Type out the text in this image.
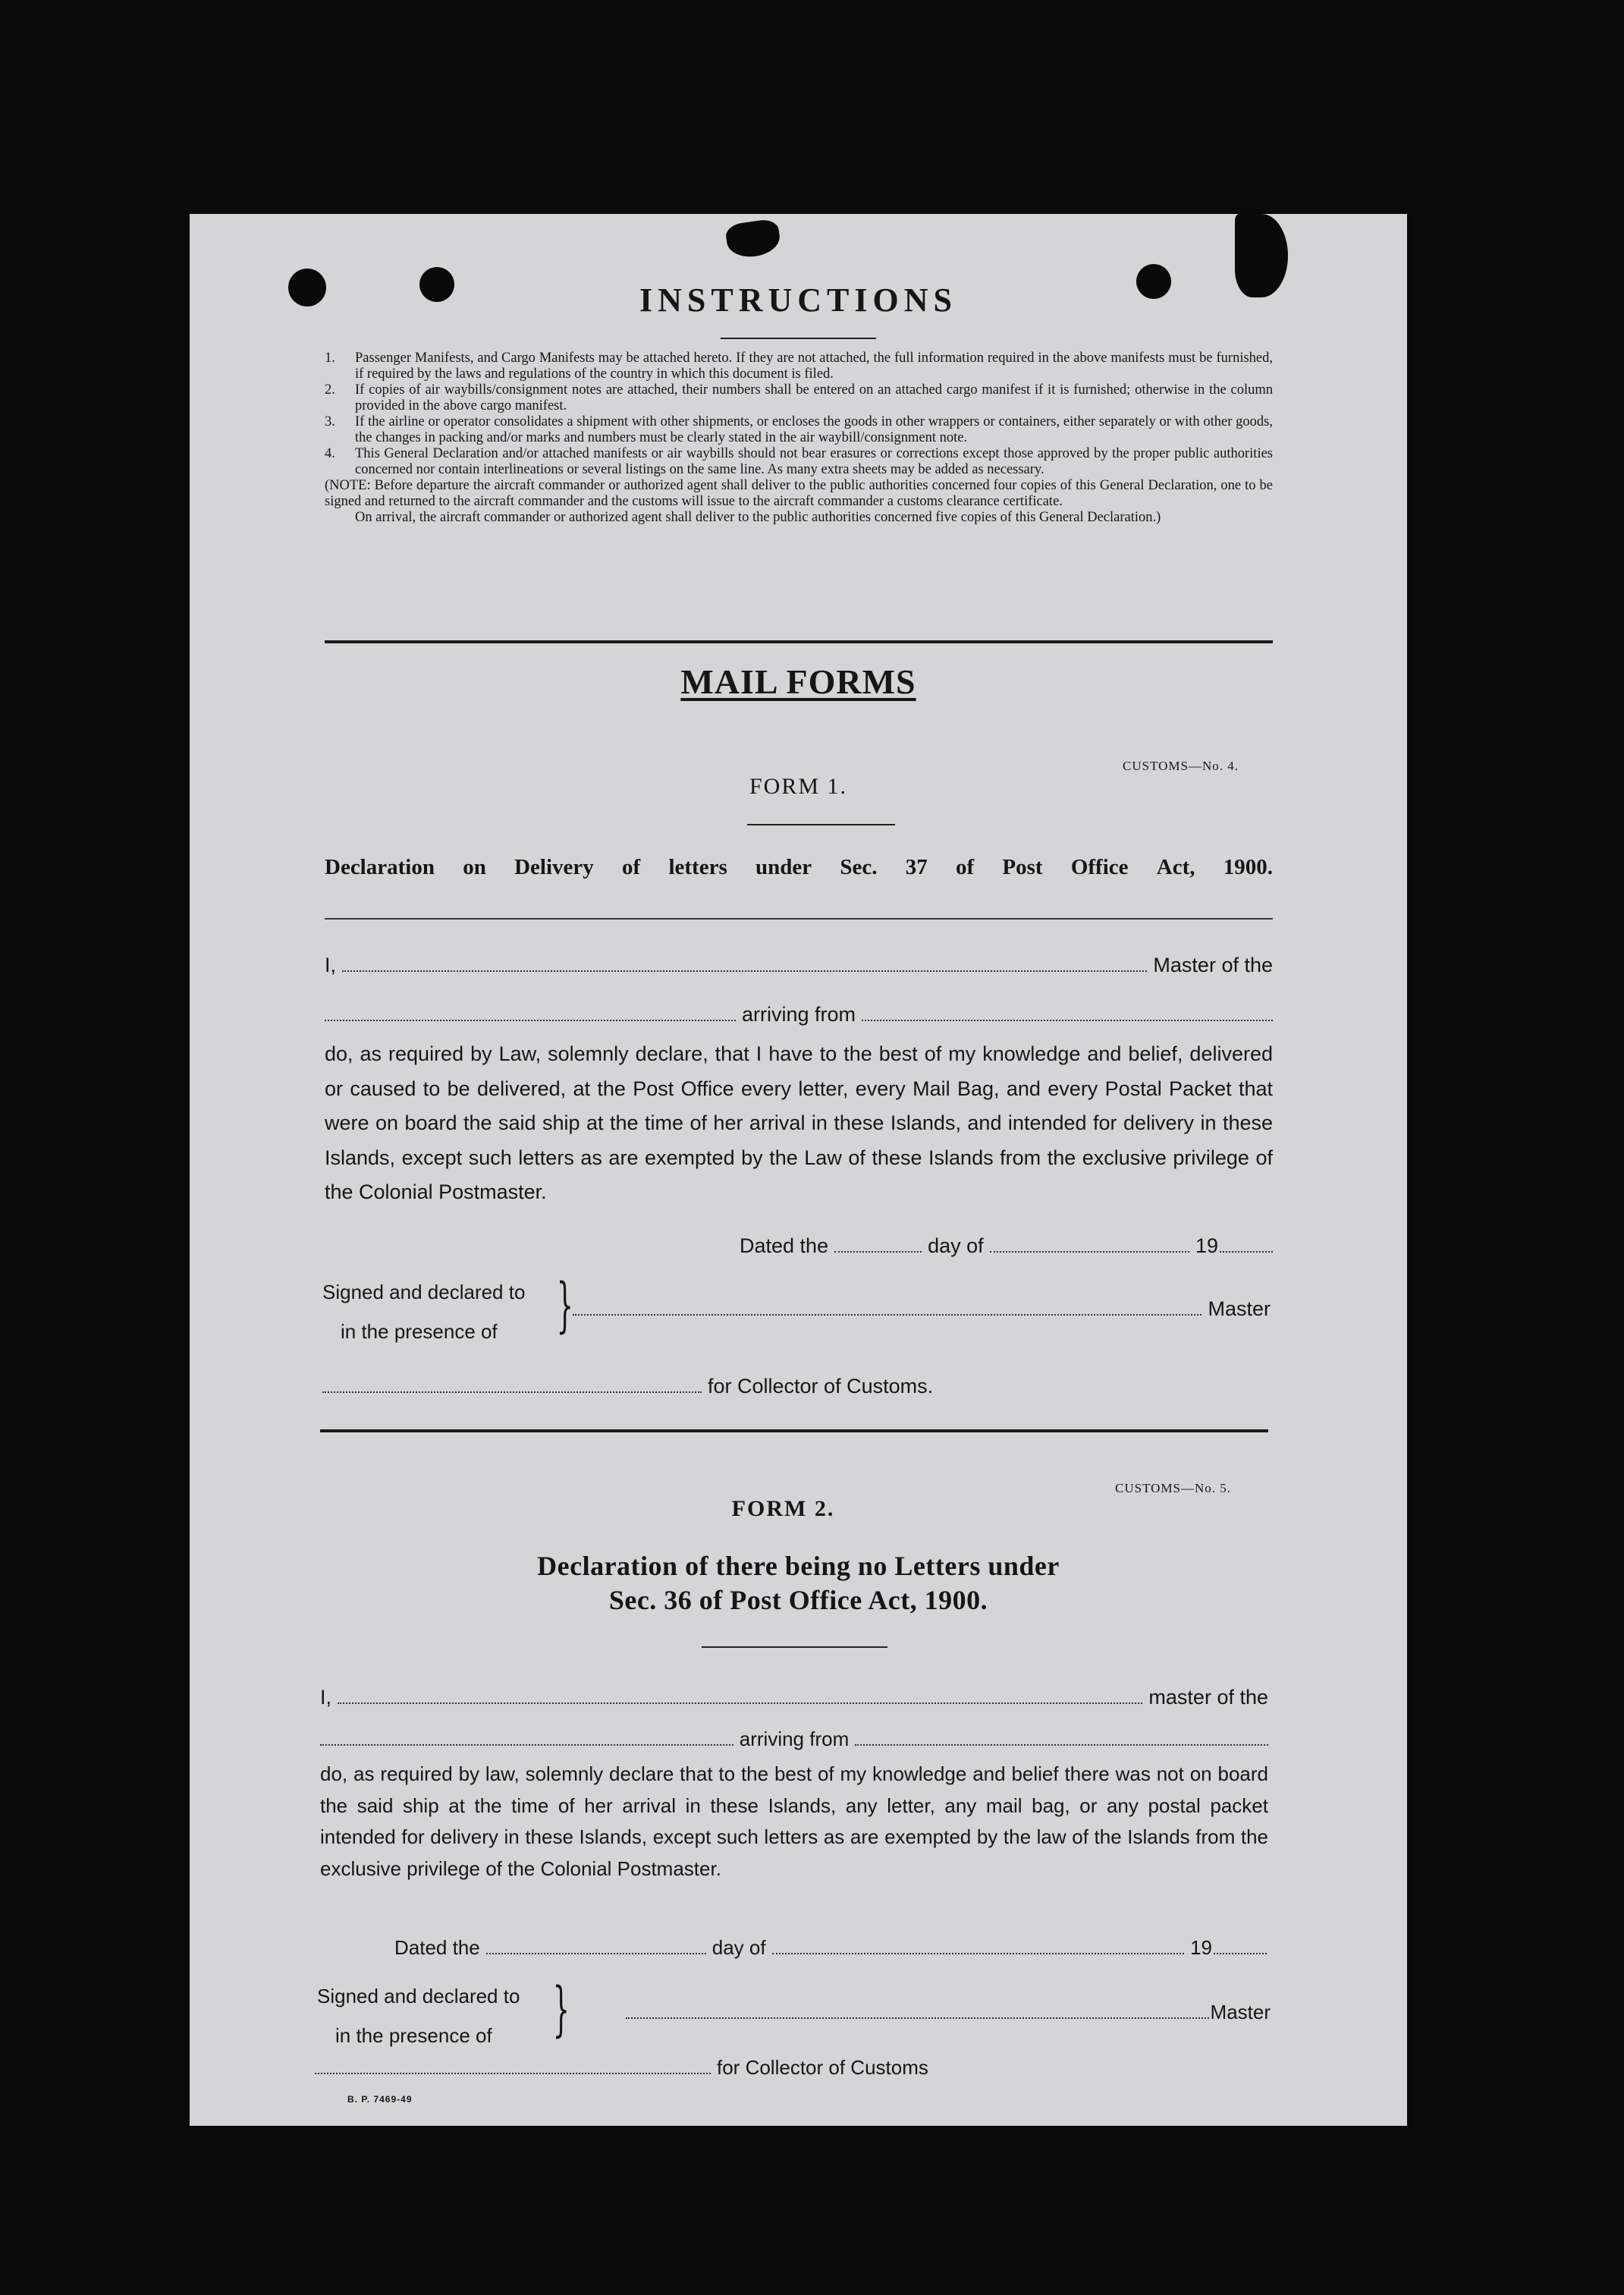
INSTRUCTIONS
1.	Passenger Manifests, and Cargo Manifests may be attached hereto. If they are not attached, the full information required in the above manifests must be furnished, if required by the laws and regulations of the country in which this document is filed.
2.	If copies of air waybills/consignment notes are attached, their numbers shall be entered on an attached cargo manifest if it is furnished; otherwise in the column provided in the above cargo manifest.
3.	If the airline or operator consolidates a shipment with other shipments, or encloses the goods in other wrappers or containers, either separately or with other goods, the changes in packing and/or marks and numbers must be clearly stated in the air waybill/consignment note.
4.	This General Declaration and/or attached manifests or air waybills should not bear erasures or corrections except those approved by the proper public authorities concerned nor contain interlineations or several listings on the same line. As many extra sheets may be added as necessary.
(NOTE: Before departure the aircraft commander or authorized agent shall deliver to the public authorities concerned four copies of this General Declaration, one to be signed and returned to the aircraft commander and the customs will issue to the aircraft commander a customs clearance certificate.
On arrival, the aircraft commander or authorized agent shall deliver to the public authorities concerned five copies of this General Declaration.)
MAIL FORMS
CUSTOMS—No. 4.
FORM 1.
Declaration on Delivery of letters under Sec. 37 of Post Office Act, 1900.
I,	Master of the
arriving from
do, as required by Law, solemnly declare, that I have to the best of my knowledge and belief, delivered or caused to be delivered, at the Post Office every letter, every Mail Bag, and every Postal Packet that were on board the said ship at the time of her arrival in these Islands, and intended for delivery in these Islands, except such letters as are exempted by the Law of these Islands from the exclusive privilege of the Colonial Postmaster.
Dated the	day of	19
Signed and declared to
in the presence of }	Master
for Collector of Customs.
CUSTOMS—No. 5.
FORM 2.
Declaration of there being no Letters under
Sec. 36 of Post Office Act, 1900.
I,	master of the
arriving from
do, as required by law, solemnly declare that to the best of my knowledge and belief there was not on board the said ship at the time of her arrival in these Islands, any letter, any mail bag, or any postal packet intended for delivery in these Islands, except such letters as are exempted by the law of the Islands from the exclusive privilege of the Colonial Postmaster.
Dated the	day of	19
Signed and declared to
in the presence of	}	Master
for Collector of Customs
B. P. 7469-49
